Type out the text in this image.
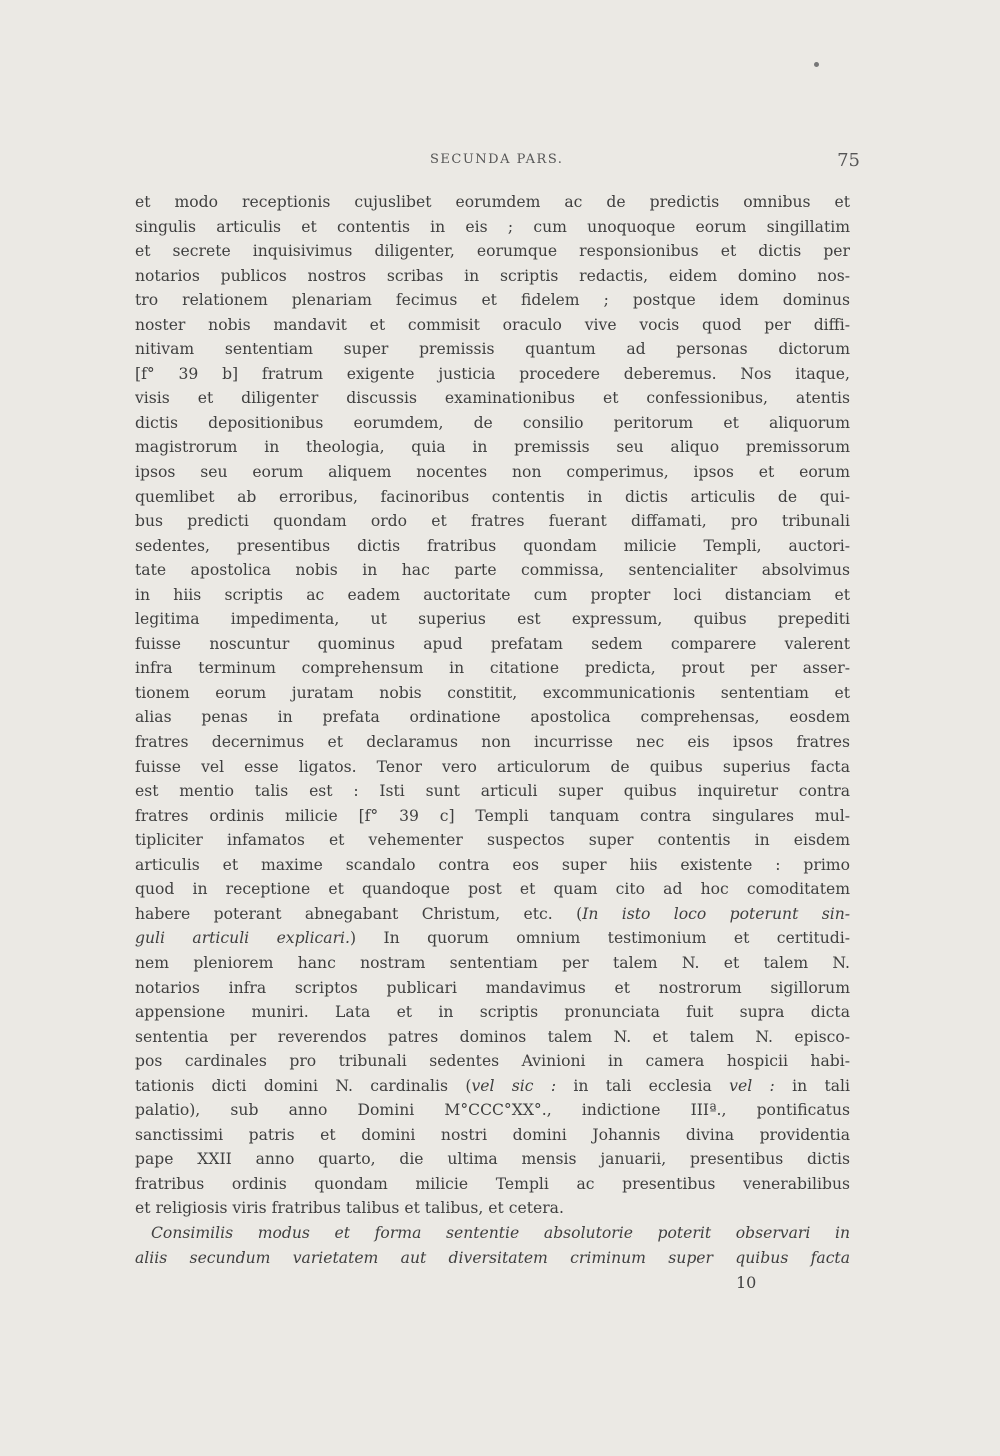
SECUNDA PARS.	75
et modo receptionis cujuslibet eorumdem ac de predictis omnibus et
singulis articulis et contentis in eis ; cum unoquoque eorum singillatim
et secrete inquisivimus diligenter, eorumque responsionibus et dictis per
notarios publicos nostros scribas in scriptis redactis, eidem domino nos-
tro relationem plenariam fecimus et fidelem ; postque idem dominus
noster nobis mandavit et commisit oraculo vive vocis quod per diffi-
nitivam sententiam super premissis quantum ad personas dictorum
[f° 39 b] fratrum exigente justicia procedere deberemus. Nos itaque,
visis et diligenter discussis examinationibus et confessionibus, atentis
dictis depositionibus eorumdem, de consilio peritorum et aliquorum
magistrorum in theologia, quia in premissis seu aliquo premissorum
ipsos seu eorum aliquem nocentes non comperimus, ipsos et eorum
quemlibet ab erroribus, facinoribus contentis in dictis articulis de qui-
bus predicti quondam ordo et fratres fuerant diffamati, pro tribunali
sedentes, presentibus dictis fratribus quondam milicie Templi, auctori-
tate apostolica nobis in hac parte commissa, sentencialiter absolvimus
in hiis scriptis ac eadem auctoritate cum propter loci distanciam et
legitima impedimenta, ut superius est expressum, quibus prepediti
fuisse noscuntur quominus apud prefatam sedem comparere valerent
infra terminum comprehensum in citatione predicta, prout per asser-
tionem eorum juratam nobis constitit, excommunicationis sententiam et
alias penas in prefata ordinatione apostolica comprehensas, eosdem
fratres decernimus et declaramus non incurrisse nec eis ipsos fratres
fuisse vel esse ligatos. Tenor vero articulorum de quibus superius facta
est mentio talis est : Isti sunt articuli super quibus inquiretur contra
fratres ordinis milicie [f° 39 c] Templi tanquam contra singulares mul-
tipliciter infamatos et vehementer suspectos super contentis in eisdem
articulis et maxime scandalo contra eos super hiis existente : primo
quod in receptione et quandoque post et quam cito ad hoc comoditatem
habere poterant abnegabant Christum, etc. (In isto loco poterunt sin-
guli articuli explicari.) In quorum omnium testimonium et certitudi-
nem pleniorem hanc nostram sententiam per talem N. et talem N.
notarios infra scriptos publicari mandavimus et nostrorum sigillorum
appensione muniri. Lata et in scriptis pronunciata fuit supra dicta
sententia per reverendos patres dominos talem N. et talem N. episco-
pos cardinales pro tribunali sedentes Avinioni in camera hospicii habi-
tationis dicti domini N. cardinalis (vel sic : in tali ecclesia vel : in tali
palatio), sub anno Domini M°CCC°XX°., indictione IIIª., pontificatus
sanctissimi patris et domini nostri domini Johannis divina providentia
pape XXII anno quarto, die ultima mensis januarii, presentibus dictis
fratribus ordinis quondam milicie Templi ac presentibus venerabilibus
et religiosis viris fratribus talibus et talibus, et cetera.
Consimilis modus et forma sententie absolutorie poterit observari in
aliis secundum varietatem aut diversitatem criminum super quibus facta
10
